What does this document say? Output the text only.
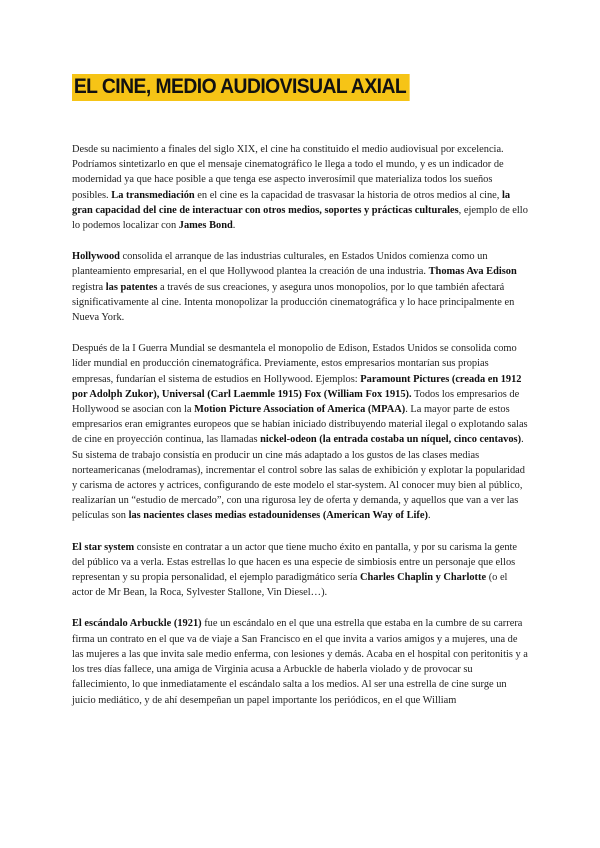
EL CINE, MEDIO AUDIOVISUAL AXIAL

Desde su nacimiento a finales del siglo XIX, el cine ha constituido el medio audiovisual por excelencia. Podríamos sintetizarlo en que el mensaje cinematográfico le llega a todo el mundo, y es un indicador de modernidad ya que hace posible a que tenga ese aspecto inverosímil que materializa todos los sueños posibles. La transmediación en el cine es la capacidad de trasvasar la historia de otros medios al cine, la gran capacidad del cine de interactuar con otros medios, soportes y prácticas culturales, ejemplo de ello lo podemos localizar con James Bond.

Hollywood consolida el arranque de las industrias culturales, en Estados Unidos comienza como un planteamiento empresarial, en el que Hollywood plantea la creación de una industria. Thomas Ava Edison registra las patentes a través de sus creaciones, y asegura unos monopolios, por lo que también afectará significativamente al cine. Intenta monopolizar la producción cinematográfica y lo hace principalmente en Nueva York.

Después de la I Guerra Mundial se desmantela el monopolio de Edison, Estados Unidos se consolida como líder mundial en producción cinematográfica. Previamente, estos empresarios montarían sus propias empresas, fundarían el sistema de estudios en Hollywood. Ejemplos: Paramount Pictures (creada en 1912 por Adolph Zukor), Universal (Carl Laemmle 1915) Fox (William Fox 1915). Todos los empresarios de Hollywood se asocian con la Motion Picture Association of America (MPAA). La mayor parte de estos empresarios eran emigrantes europeos que se habían iniciado distribuyendo material ilegal o explotando salas de cine en proyección continua, las llamadas nickel-odeon (la entrada costaba un níquel, cinco centavos). Su sistema de trabajo consistía en producir un cine más adaptado a los gustos de las clases medias norteamericanas (melodramas), incrementar el control sobre las salas de exhibición y explotar la popularidad y carisma de actores y actrices, configurando de este modelo el star-system. Al conocer muy bien al público, realizarían un “estudio de mercado”, con una rigurosa ley de oferta y demanda, y aquellos que van a ver las películas son las nacientes clases medias estadounidenses (American Way of Life).

El star system consiste en contratar a un actor que tiene mucho éxito en pantalla, y por su carisma la gente del público va a verla. Estas estrellas lo que hacen es una especie de simbiosis entre un personaje que ellos representan y su propia personalidad, el ejemplo paradigmático sería Charles Chaplin y Charlotte (o el actor de Mr Bean, la Roca, Sylvester Stallone, Vin Diesel…).

El escándalo Arbuckle (1921) fue un escándalo en el que una estrella que estaba en la cumbre de su carrera firma un contrato en el que va de viaje a San Francisco en el que invita a varios amigos y a mujeres, una de las mujeres a las que invita sale medio enferma, con lesiones y demás. Acaba en el hospital con peritonitis y a los tres días fallece, una amiga de Virginia acusa a Arbuckle de haberla violado y de provocar su fallecimiento, lo que inmediatamente el escándalo salta a los medios. Al ser una estrella de cine surge un juicio mediático, y de ahí desempeñan un papel importante los periódicos, en el que William
